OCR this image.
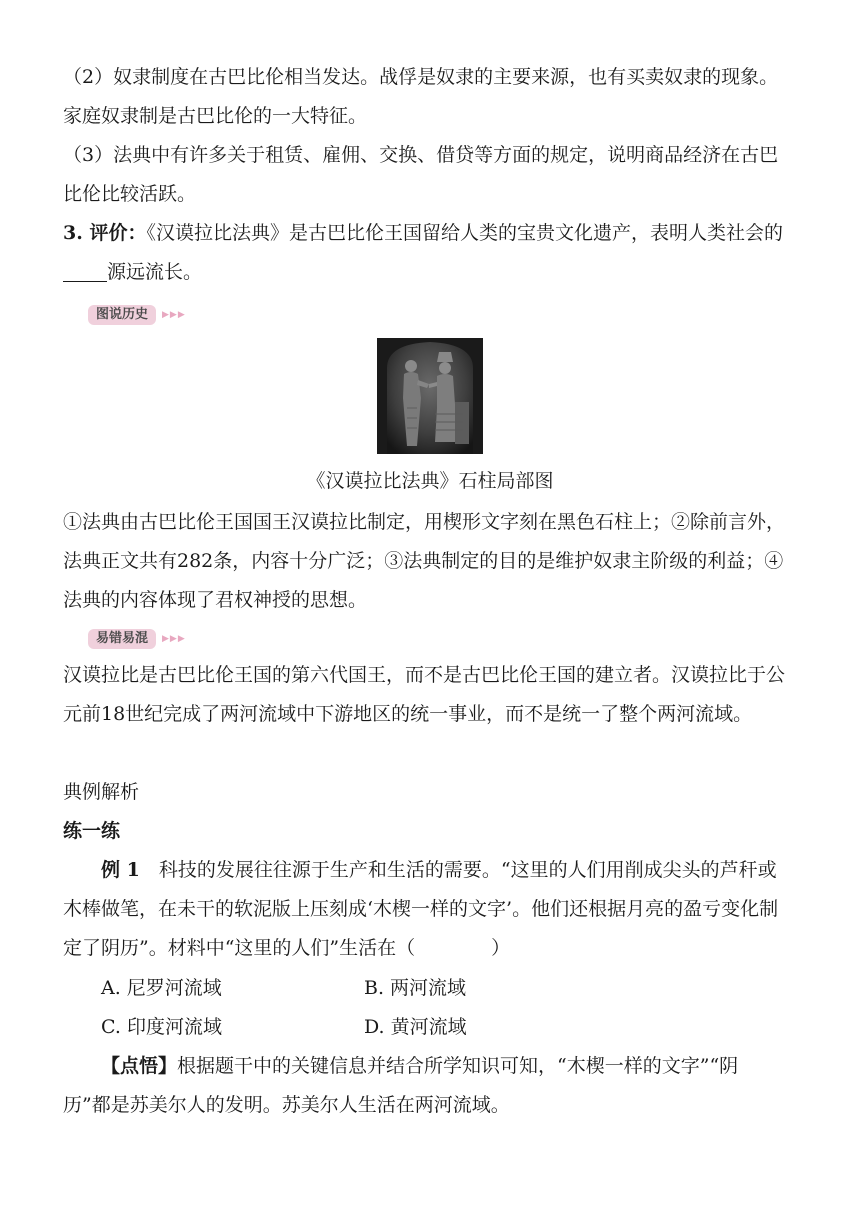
（2）奴隶制度在古巴比伦相当发达。战俘是奴隶的主要来源，也有买卖奴隶的现象。家庭奴隶制是古巴比伦的一大特征。

（3）法典中有许多关于租赁、雇佣、交换、借贷等方面的规定，说明商品经济在古巴比伦比较活跃。

3. 评价：《汉谟拉比法典》是古巴比伦王国留给人类的宝贵文化遗产，表明人类社会的源远流长。

图说历史	▶▶▶
《汉谟拉比法典》石柱局部图

①法典由古巴比伦王国国王汉谟拉比制定，用楔形文字刻在黑色石柱上；②除前言外，法典正文共有282条，内容十分广泛；③法典制定的目的是维护奴隶主阶级的利益；④法典的内容体现了君权神授的思想。

易错易混	▶▶▶

汉谟拉比是古巴比伦王国的第六代国王，而不是古巴比伦王国的建立者。汉谟拉比于公元前18世纪完成了两河流域中下游地区的统一事业，而不是统一了整个两河流域。

典例解析

练一练

例 1　 科技的发展往往源于生产和生活的需要。“这里的人们用削成尖头的芦秆或木棒做笔，在未干的软泥版上压刻成‘木楔一样的文字’。他们还根据月亮的盈亏变化制定了阴历”。材料中“这里的人们”生活在（　　　　）

A. 尼罗河流域	B. 两河流域
C. 印度河流域	D. 黄河流域

【点悟】根据题干中的关键信息并结合所学知识可知，“木楔一样的文字”“阴历”都是苏美尔人的发明。苏美尔人生活在两河流域。
